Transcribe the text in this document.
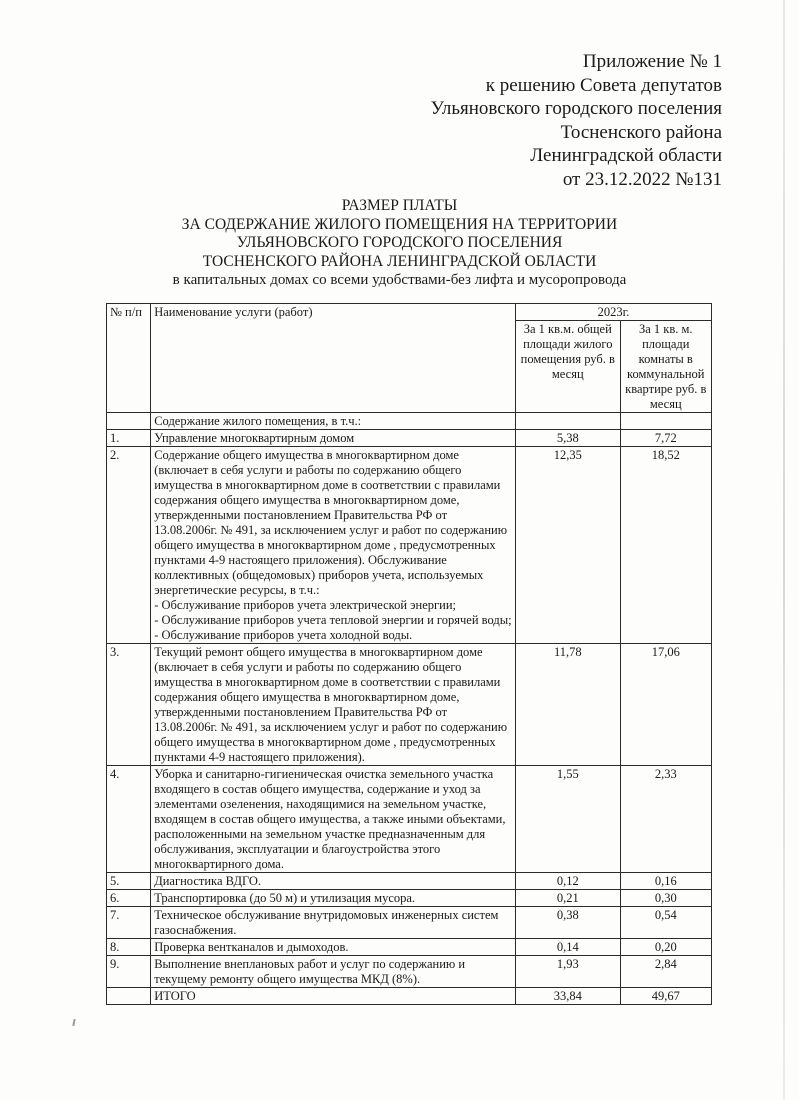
Приложение № 1
к решению Совета депутатов
Ульяновского городского поселения
Тосненского района
Ленинградской области
от 23.12.2022 №131
РАЗМЕР ПЛАТЫ
ЗА СОДЕРЖАНИЕ ЖИЛОГО ПОМЕЩЕНИЯ НА ТЕРРИТОРИИ
УЛЬЯНОВСКОГО ГОРОДСКОГО ПОСЕЛЕНИЯ
ТОСНЕНСКОГО РАЙОНА ЛЕНИНГРАДСКОЙ ОБЛАСТИ
в капитальных домах со всеми удобствами-без лифта и мусоропровода
№ п/п	Наименование услуги (работ)	2023г.	
		За 1 кв.м. общей площади жилого помещения руб. в месяц	За 1 кв. м. площади комнаты в коммунальной квартире руб. в месяц
	Содержание жилого помещения, в т.ч.:		
1.	Управление многоквартирным домом	5,38	7,72
2.	Содержание общего имущества в многоквартирном доме (включает в себя услуги и работы по содержанию общего имущества в многоквартирном доме в соответствии с правилами содержания общего имущества в многоквартирном доме, утвержденными постановлением Правительства РФ от 13.08.2006г. № 491, за исключением услуг и работ по содержанию общего имущества в многоквартирном доме , предусмотренных пунктами 4-9 настоящего приложения). Обслуживание коллективных (общедомовых) приборов учета, используемых энергетические ресурсы, в т.ч.:
- Обслуживание приборов учета электрической энергии;
- Обслуживание приборов учета тепловой энергии и горячей воды;
- Обслуживание приборов учета холодной воды.	12,35	18,52
3.	Текущий ремонт общего имущества в многоквартирном доме (включает в себя услуги и работы по содержанию общего имущества в многоквартирном доме в соответствии с правилами содержания общего имущества в многоквартирном доме, утвержденными постановлением Правительства РФ от 13.08.2006г. № 491, за исключением услуг и работ по содержанию общего имущества в многоквартирном доме , предусмотренных пунктами 4-9 настоящего приложения).	11,78	17,06
4.	Уборка и санитарно-гигиеническая очистка земельного участка входящего в состав общего имущества, содержание и уход за элементами озеленения, находящимися на земельном участке, входящем в состав общего имущества, а также иными объектами, расположенными на земельном участке предназначенным для обслуживания, эксплуатации и благоустройства этого многоквартирного дома.	1,55	2,33
5.	Диагностика ВДГО.	0,12	0,16
6.	Транспортировка (до 50 м) и утилизация мусора.	0,21	0,30
7.	Техническое обслуживание внутридомовых инженерных систем газоснабжения.	0,38	0,54
8.	Проверка вентканалов и дымоходов.	0,14	0,20
9.	Выполнение внеплановых работ и услуг по содержанию и текущему ремонту общего имущества МКД (8%).	1,93	2,84
	ИТОГО	33,84	49,67
